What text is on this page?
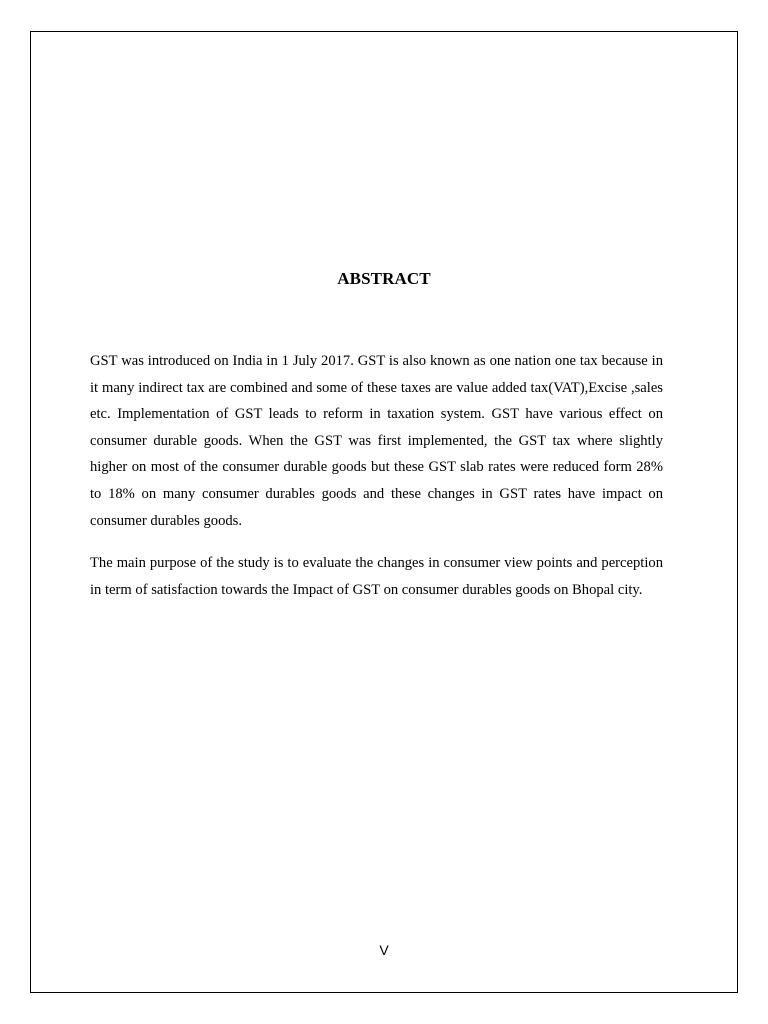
ABSTRACT

GST was introduced on India in 1 July 2017. GST is also known as one nation one tax because in it many indirect tax are combined and some of these taxes are value added tax(VAT),Excise ,sales etc. Implementation of GST leads to reform in taxation system. GST have various effect on consumer durable goods. When the GST was first implemented, the GST tax where slightly higher on most of the consumer durable goods but these GST slab rates were reduced form 28% to 18% on many consumer durables goods and these changes in GST rates have impact on consumer durables goods.

The main purpose of the study is to evaluate the changes in consumer view points and perception in term of satisfaction towards the Impact of GST on consumer durables goods on Bhopal city.

V
